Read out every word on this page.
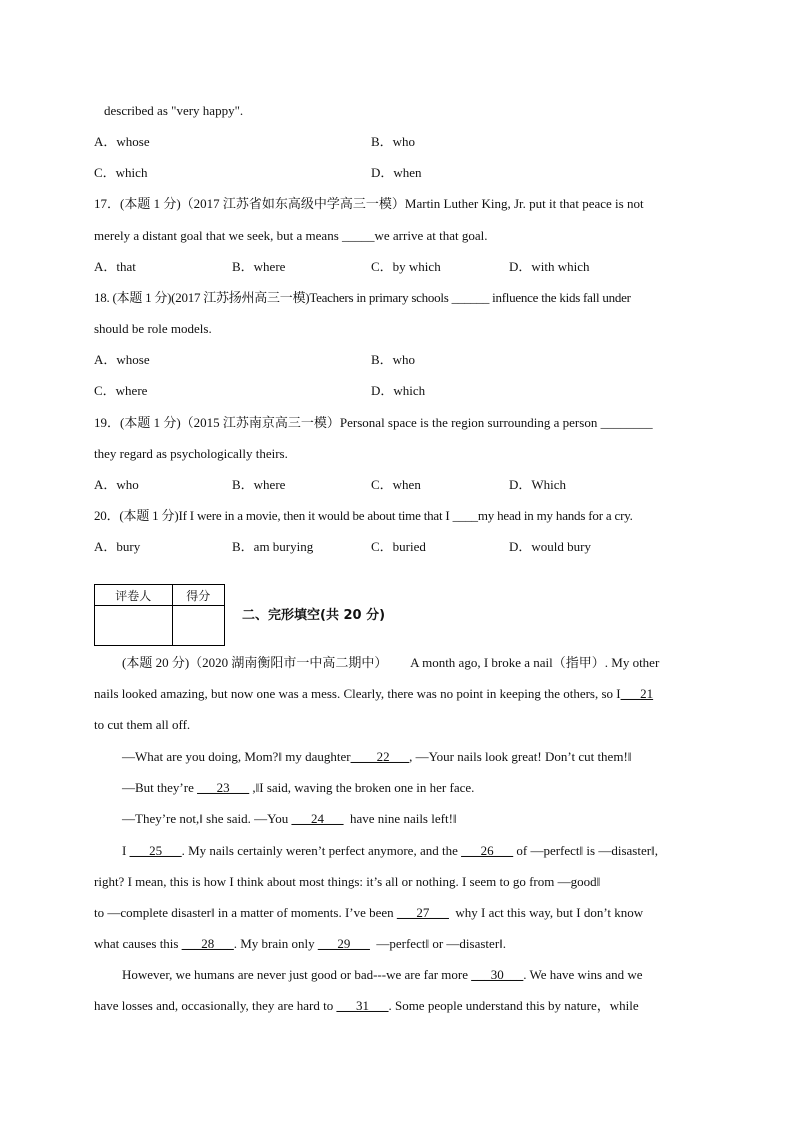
described as "very happy".
A．whose	B．who
C．which	D．when
17．(本题 1 分)（2017 江苏省如东高级中学高三一模）Martin Luther King, Jr. put it that peace is not
merely a distant goal that we seek, but a means _____we arrive at that goal.
A．that	B．where	C．by which	D．with which
18. (本题 1 分)(2017 江苏扬州高三一模)Teachers in primary schools ______ influence the kids fall under
should be role models.
A．whose	B．who
C．where	D．which
19．(本题 1 分)（2015 江苏南京高三一模）Personal space is the region surrounding a person ________
they regard as psychologically theirs.
A．who	B．where	C．when	D．Which
20．(本题 1 分)If I were in a movie, then it would be about time that I ____my head in my hands for a cry.
A．bury	B．am burying	C．buried	D．would bury
评卷人	得分

二、完形填空(共 20 分)
(本题 20 分)（2020 湖南衡阳市一中高二期中）       A month ago, I broke a nail（指甲）. My other
nails looked amazing, but now one was a mess. Clearly, there was no point in keeping the others, so I___21
to cut them all off.
—What are you doing, Mom?‖ my daughter____22___, —Your nails look great! Don’t cut them!‖
—But they’re ___23___ ,‖I said, waving the broken one in her face.
—They’re not,‖ she said. —You ___24___  have nine nails left!‖
I ___25___. My nails certainly weren’t perfect anymore, and the ___26___ of —perfect‖ is —disaster‖,
right? I mean, this is how I think about most things: it’s all or nothing. I seem to go from —good‖
to —complete disaster‖ in a matter of moments. I’ve been ___27___  why I act this way, but I don’t know
what causes this ___28___. My brain only ___29___  —perfect‖ or —disaster‖.
However, we humans are never just good or bad---we are far more ___30___. We have wins and we
have losses and, occasionally, they are hard to ___31___. Some people understand this by nature，while
